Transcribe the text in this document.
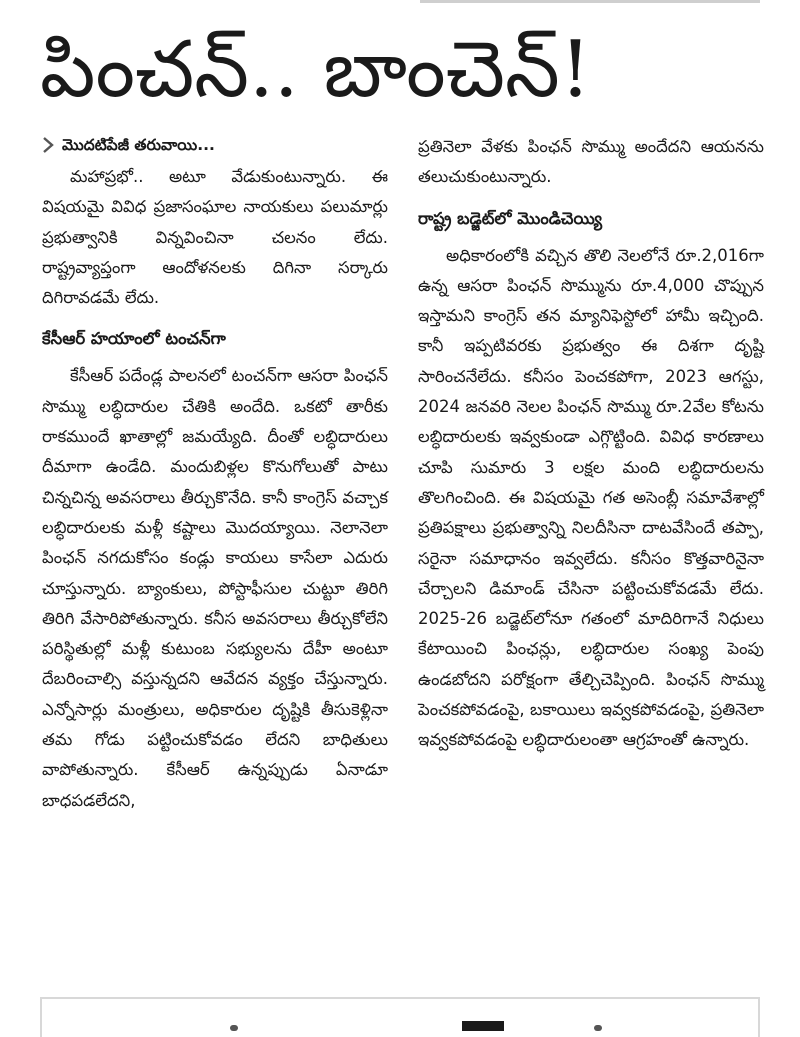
పించన్‌.. బాంచెన్‌!
మొదటిపేజీ తరువాయి...

మహాప్రభో.. అటూ వేడుకుంటున్నారు. ఈ విషయమై వివిధ ప్రజాసంఘాల నాయకులు పలుమార్లు ప్రభుత్వానికి విన్నవించినా చలనం లేదు. రాష్ట్రవ్యాప్తంగా ఆందోళనలకు దిగినా సర్కారు దిగిరావడమే లేదు.

కేసీఆర్‌ హయాంలో టంచన్‌గా

కేసీఆర్‌ పదేండ్ల పాలనలో టంచన్‌గా ఆసరా పింఛన్‌ సొమ్ము లబ్ధిదారుల చేతికి అందేది. ఒకటో తారీకు రాకముందే ఖాతాల్లో జమయ్యేది. దీంతో లబ్ధిదారులు దీమాగా ఉండేది. మందుబిళ్లల కొనుగోలుతో పాటు చిన్నచిన్న అవసరాలు తీర్చుకొనేది. కానీ కాంగ్రెస్‌ వచ్చాక లబ్ధిదారులకు మళ్లీ కష్టాలు మొదయ్యాయి. నెలానెలా పింఛన్‌ నగదుకోసం కండ్లు కాయలు కాసేలా ఎదురు చూస్తున్నారు. బ్యాంకులు, పోస్టాఫీసుల చుట్టూ తిరిగి తిరిగి వేసారిపోతున్నారు. కనీస అవసరాలు తీర్చుకోలేని పరిస్థితుల్లో మళ్లీ కుటుంబ సభ్యులను దేహీ అంటూ దేబరించాల్సి వస్తున్నదని ఆవేదన వ్యక్తం చేస్తున్నారు. ఎన్నోసార్లు మంత్రులు, అధికారుల దృష్టికి తీసుకెళ్లినా తమ గోడు పట్టించుకోవడం లేదని బాధితులు వాపోతున్నారు. కేసీఆర్‌ ఉన్నప్పుడు ఏనాడూ బాధపడలేదని,

ప్రతినెలా వేళకు పింఛన్‌ సొమ్ము అందేదని ఆయనను తలుచుకుంటున్నారు.

రాష్ట్ర బడ్జెట్‌లో మొండిచెయ్యి

అధికారంలోకి వచ్చిన తొలి నెలలోనే రూ.2,016గా ఉన్న ఆసరా పింఛన్‌ సొమ్మును రూ.4,000 చొప్పున ఇస్తామని కాంగ్రెస్‌ తన మ్యానిఫెస్టోలో హామీ ఇచ్చింది. కానీ ఇప్పటివరకు ప్రభుత్వం ఈ దిశగా దృష్టి సారించనేలేదు. కనీసం పెంచకపోగా, 2023 ఆగస్టు, 2024 జనవరి నెలల పింఛన్‌ సొమ్ము రూ.2వేల కోటను లబ్ధిదారులకు ఇవ్వకుండా ఎగ్గొట్టింది. వివిధ కారణాలు చూపి సుమారు 3 లక్షల మంది లబ్ధిదారులను తొలగించింది. ఈ విషయమై గత అసెంబ్లీ సమావేశాల్లో ప్రతిపక్షాలు ప్రభుత్వాన్ని నిలదీసినా దాటవేసిందే తప్పా, సరైనా సమాధానం ఇవ్వలేదు. కనీసం కొత్తవారినైనా చేర్చాలని డిమాండ్‌ చేసినా పట్టించుకోవడమే లేదు. 2025-26 బడ్జెట్‌లోనూ గతంలో మాదిరిగానే నిధులు కేటాయించి పింఛన్లు, లబ్ధిదారుల సంఖ్య పెంపు ఉండబోదని పరోక్షంగా తేల్చిచెప్పింది. పింఛన్‌ సొమ్ము పెంచకపోవడంపై, బకాయిలు ఇవ్వకపోవడంపై, ప్రతినెలా ఇవ్వకపోవడంపై లబ్ధిదారులంతా ఆగ్రహంతో ఉన్నారు.
